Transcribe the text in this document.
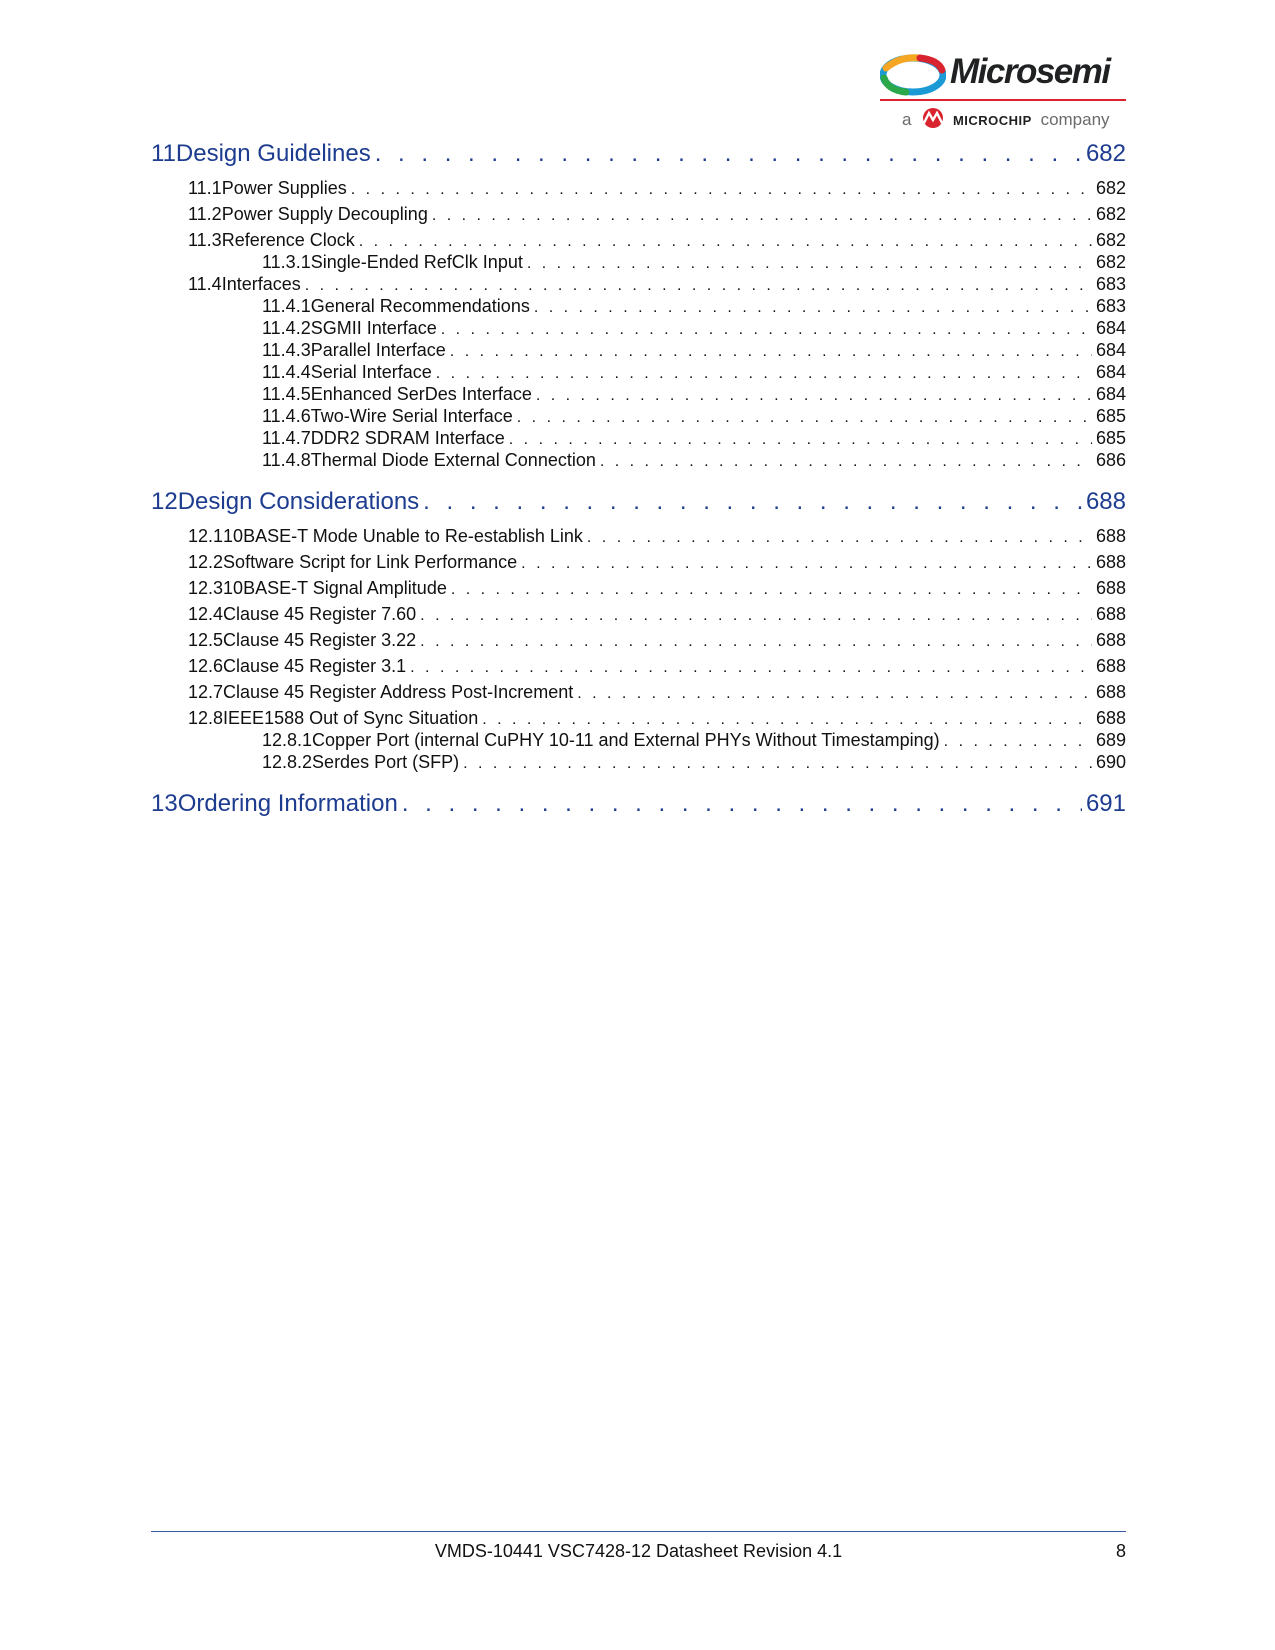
Microsemi
a	MICROCHIP company
11 Design Guidelines . . .	682
11.1 Power Supplies . . .	682
11.2 Power Supply Decoupling . . .	682
11.3 Reference Clock . . .	682
11.3.1 Single-Ended RefClk Input . . .	682
11.4 Interfaces . . .	683
11.4.1 General Recommendations . . .	683
11.4.2 SGMII Interface . . .	684
11.4.3 Parallel Interface . . .	684
11.4.4 Serial Interface . . .	684
11.4.5 Enhanced SerDes Interface . . .	684
11.4.6 Two-Wire Serial Interface . . .	685
11.4.7 DDR2 SDRAM Interface . . .	685
11.4.8 Thermal Diode External Connection . . .	686
12 Design Considerations . . .	688
12.1 10BASE-T Mode Unable to Re-establish Link . . .	688
12.2 Software Script for Link Performance . . .	688
12.3 10BASE-T Signal Amplitude . . .	688
12.4 Clause 45 Register 7.60 . . .	688
12.5 Clause 45 Register 3.22 . . .	688
12.6 Clause 45 Register 3.1 . . .	688
12.7 Clause 45 Register Address Post-Increment . . .	688
12.8 IEEE1588 Out of Sync Situation . . .	688
12.8.1 Copper Port (internal CuPHY 10-11 and External PHYs Without Timestamping) . . .	689
12.8.2 Serdes Port (SFP) . . .	690
13 Ordering Information . . .	691
VMDS-10441 VSC7428-12 Datasheet Revision 4.1	8
